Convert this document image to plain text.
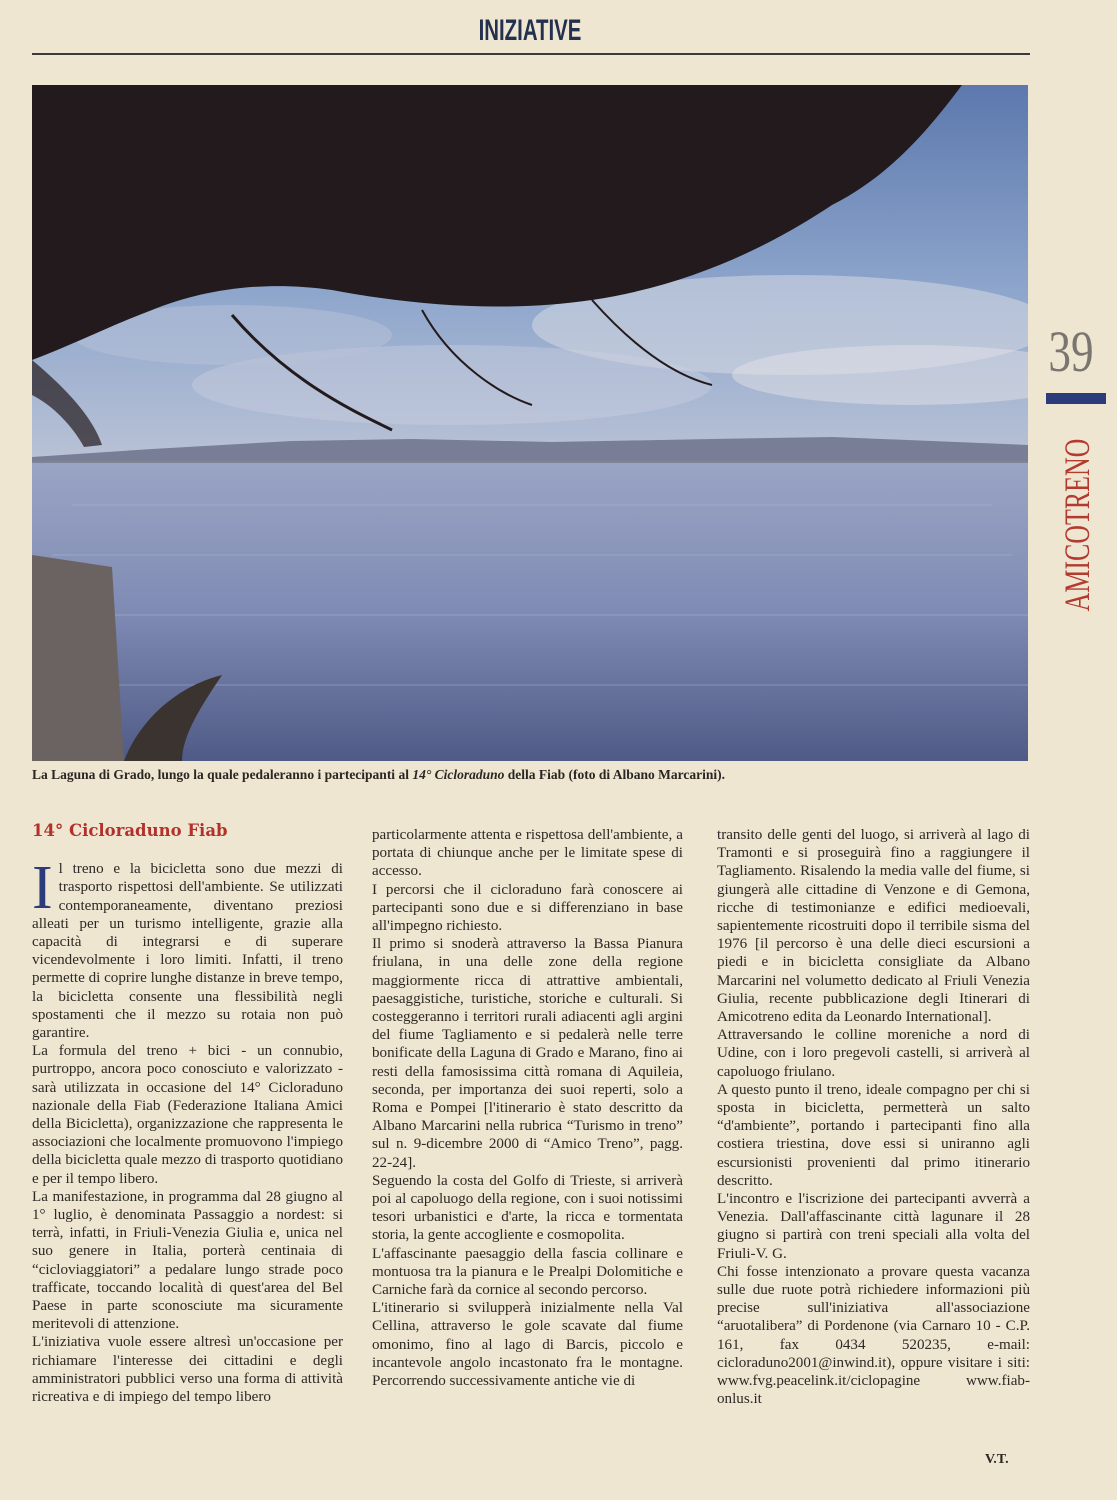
INIZIATIVE
La Laguna di Grado, lungo la quale pedaleranno i partecipanti al 14° Cicloraduno della Fiab (foto di Albano Marcarini).
39
AMICOTRENO
14° Cicloraduno Fiab

Il treno e la bicicletta sono due mezzi di trasporto rispettosi dell'ambiente. Se utilizzati contemporaneamente, diventano preziosi alleati per un turismo intelligente, grazie alla capacità di integrarsi e di superare vicendevolmente i loro limiti. Infatti, il treno permette di coprire lunghe distanze in breve tempo, la bicicletta consente una flessibilità negli spostamenti che il mezzo su rotaia non può garantire.

La formula del treno + bici - un connubio, purtroppo, ancora poco conosciuto e valorizzato - sarà utilizzata in occasione del 14° Cicloraduno nazionale della Fiab (Federazione Italiana Amici della Bicicletta), organizzazione che rappresenta le associazioni che localmente promuovono l'impiego della bicicletta quale mezzo di trasporto quotidiano e per il tempo libero.

La manifestazione, in programma dal 28 giugno al 1° luglio, è denominata Passaggio a nordest: si terrà, infatti, in Friuli-Venezia Giulia e, unica nel suo genere in Italia, porterà centinaia di “cicloviaggiatori” a pedalare lungo strade poco trafficate, toccando località di quest'area del Bel Paese in parte sconosciute ma sicuramente meritevoli di attenzione.

L'iniziativa vuole essere altresì un'occasione per richiamare l'interesse dei cittadini e degli amministratori pubblici verso una forma di attività ricreativa e di impiego del tempo libero

particolarmente attenta e rispettosa dell'ambiente, a portata di chiunque anche per le limitate spese di accesso.

I percorsi che il cicloraduno farà conoscere ai partecipanti sono due e si differenziano in base all'impegno richiesto.

Il primo si snoderà attraverso la Bassa Pianura friulana, in una delle zone della regione maggiormente ricca di attrattive ambientali, paesaggistiche, turistiche, storiche e culturali. Si costeggeranno i territori rurali adiacenti agli argini del fiume Tagliamento e si pedalerà nelle terre bonificate della Laguna di Grado e Marano, fino ai resti della famosissima città romana di Aquileia, seconda, per importanza dei suoi reperti, solo a Roma e Pompei [l'itinerario è stato descritto da Albano Marcarini nella rubrica “Turismo in treno” sul n. 9-dicembre 2000 di “Amico Treno”, pagg. 22-24].

Seguendo la costa del Golfo di Trieste, si arriverà poi al capoluogo della regione, con i suoi notissimi tesori urbanistici e d'arte, la ricca e tormentata storia, la gente accogliente e cosmopolita.

L'affascinante paesaggio della fascia collinare e montuosa tra la pianura e le Prealpi Dolomitiche e Carniche farà da cornice al secondo percorso.

L'itinerario si svilupperà inizialmente nella Val Cellina, attraverso le gole scavate dal fiume omonimo, fino al lago di Barcis, piccolo e incantevole angolo incastonato fra le montagne. Percorrendo successivamente antiche vie di

transito delle genti del luogo, si arriverà al lago di Tramonti e si proseguirà fino a raggiungere il Tagliamento. Risalendo la media valle del fiume, si giungerà alle cittadine di Venzone e di Gemona, ricche di testimonianze e edifici medioevali, sapientemente ricostruiti dopo il terribile sisma del 1976 [il percorso è una delle dieci escursioni a piedi e in bicicletta consigliate da Albano Marcarini nel volumetto dedicato al Friuli Venezia Giulia, recente pubblicazione degli Itinerari di Amicotreno edita da Leonardo International].

Attraversando le colline moreniche a nord di Udine, con i loro pregevoli castelli, si arriverà al capoluogo friulano.

A questo punto il treno, ideale compagno per chi si sposta in bicicletta, permetterà un salto “d'ambiente”, portando i partecipanti fino alla costiera triestina, dove essi si uniranno agli escursionisti provenienti dal primo itinerario descritto.

L'incontro e l'iscrizione dei partecipanti avverrà a Venezia. Dall'affascinante città lagunare il 28 giugno si partirà con treni speciali alla volta del Friuli-V. G.

Chi fosse intenzionato a provare questa vacanza sulle due ruote potrà richiedere informazioni più precise sull'iniziativa all'associazione “aruotalibera” di Pordenone (via Carnaro 10 - C.P. 161, fax 0434 520235, e-mail: cicloraduno2001@inwind.it), oppure visitare i siti: www.fvg.peacelink.it/ciclopagine www.fiab-onlus.it

V.T.
